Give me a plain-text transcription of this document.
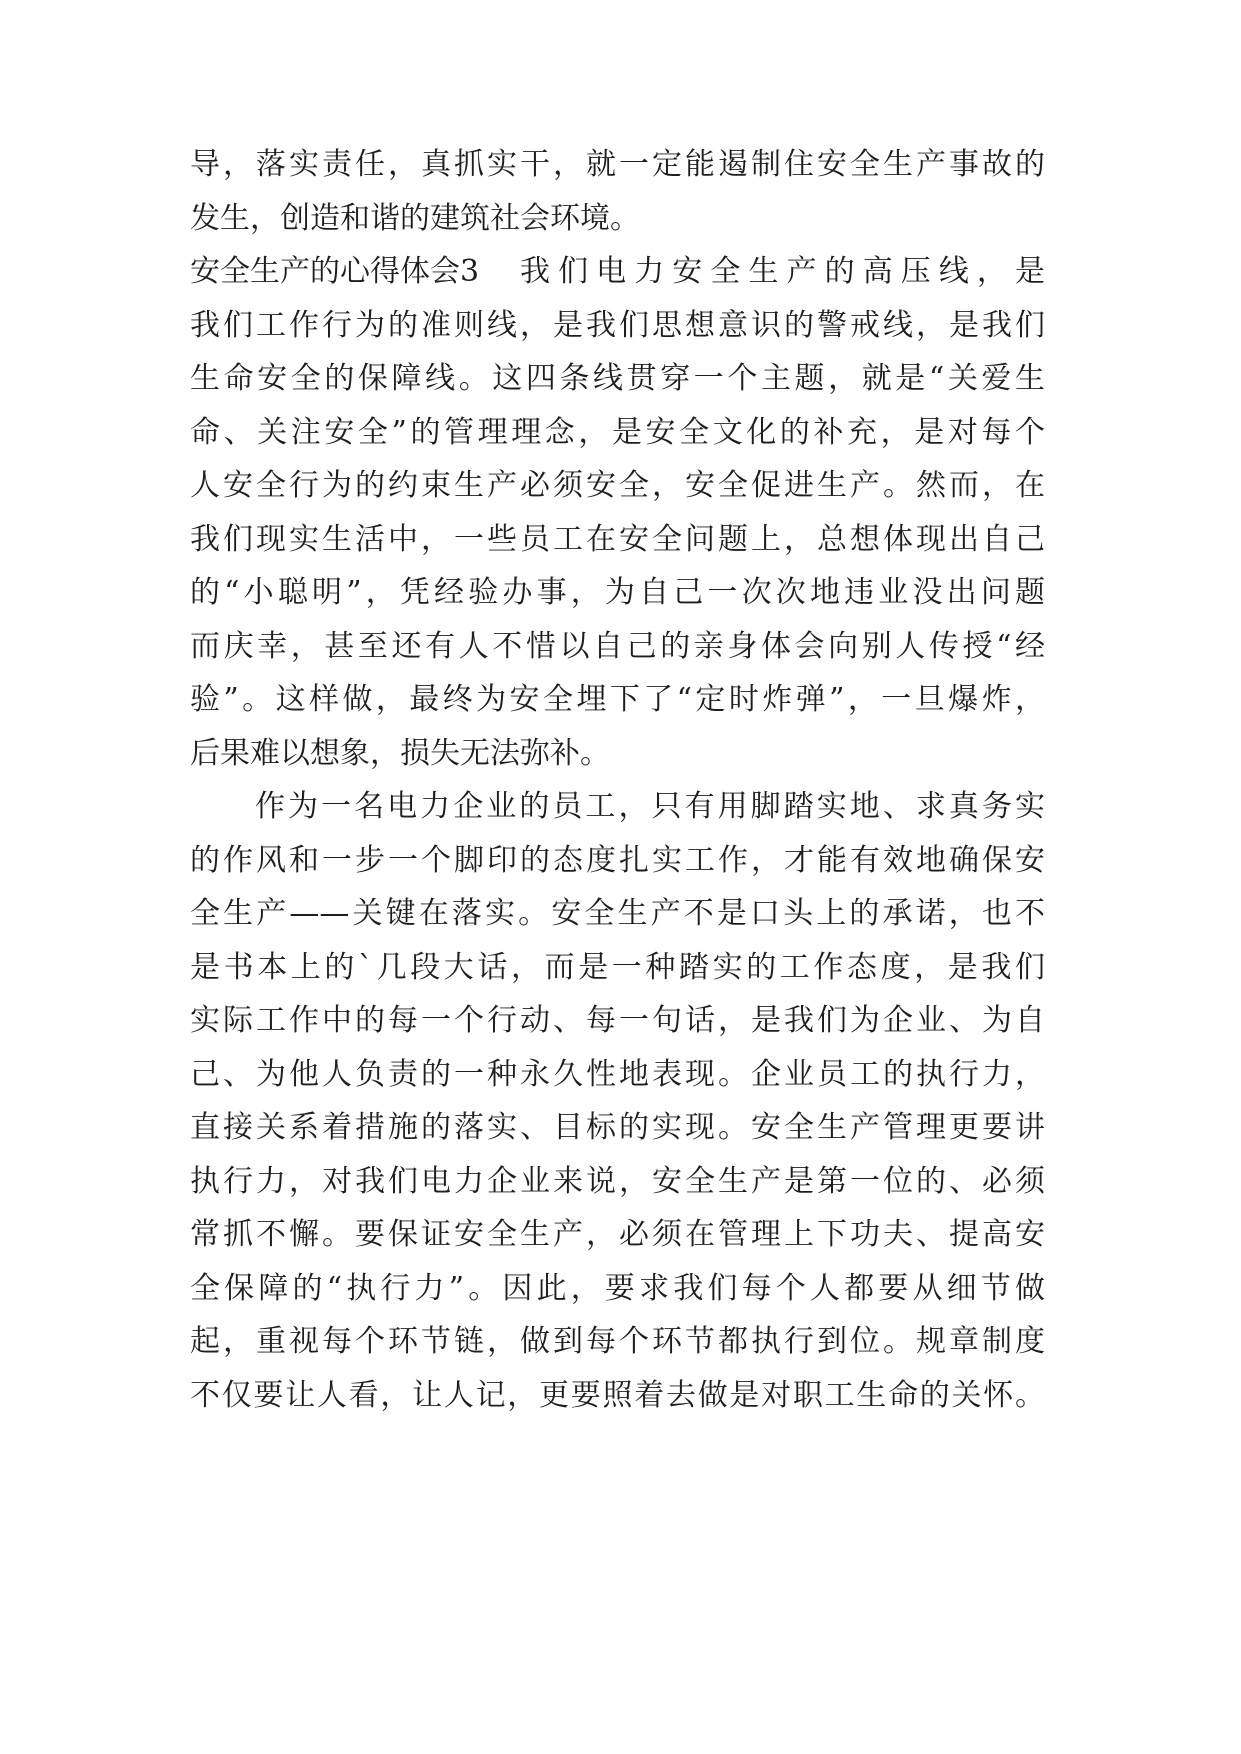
导，落实责任，真抓实干，就一定能遏制住安全生产事故的
发生，创造和谐的建筑社会环境。
安全生产的心得体会3 我们电力安全生产的高压线，是
我们工作行为的准则线，是我们思想意识的警戒线，是我们
生命安全的保障线。这四条线贯穿一个主题，就是“关爱生
命、关注安全”的管理理念，是安全文化的补充，是对每个
人安全行为的约束生产必须安全，安全促进生产。然而，在
我们现实生活中，一些员工在安全问题上，总想体现出自己
的“小聪明”，凭经验办事，为自己一次次地违业没出问题
而庆幸，甚至还有人不惜以自己的亲身体会向别人传授“经
验”。这样做，最终为安全埋下了“定时炸弹”，一旦爆炸，
后果难以想象，损失无法弥补。
作为一名电力企业的员工，只有用脚踏实地、求真务实
的作风和一步一个脚印的态度扎实工作，才能有效地确保安
全生产——关键在落实。安全生产不是口头上的承诺，也不
是书本上的`几段大话，而是一种踏实的工作态度，是我们
实际工作中的每一个行动、每一句话，是我们为企业、为自
己、为他人负责的一种永久性地表现。企业员工的执行力，
直接关系着措施的落实、目标的实现。安全生产管理更要讲
执行力，对我们电力企业来说，安全生产是第一位的、必须
常抓不懈。要保证安全生产，必须在管理上下功夫、提高安
全保障的“执行力”。因此，要求我们每个人都要从细节做
起，重视每个环节链，做到每个环节都执行到位。规章制度
不仅要让人看，让人记，更要照着去做是对职工生命的关怀。
